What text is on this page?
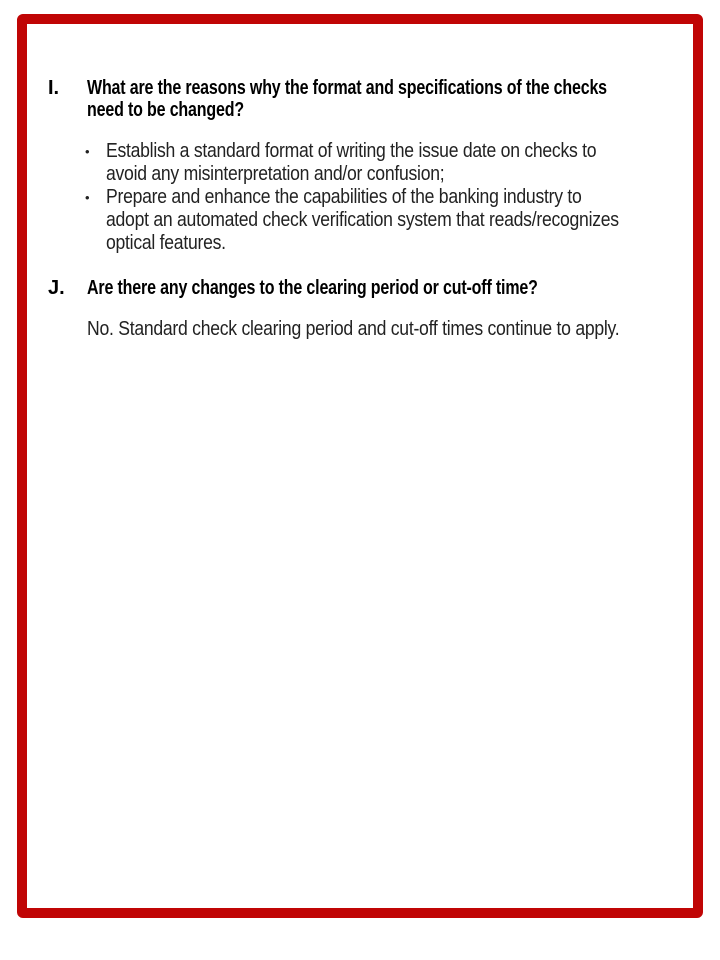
I.	What are the reasons why the format and specifications of the checks
need to be changed?
• Establish a standard format of writing the issue date on checks to
avoid any misinterpretation and/or confusion;
• Prepare and enhance the capabilities of the banking industry to
adopt an automated check verification system that reads/recognizes
optical features.
J.	Are there any changes to the clearing period or cut-off time?
No. Standard check clearing period and cut-off times continue to apply.
